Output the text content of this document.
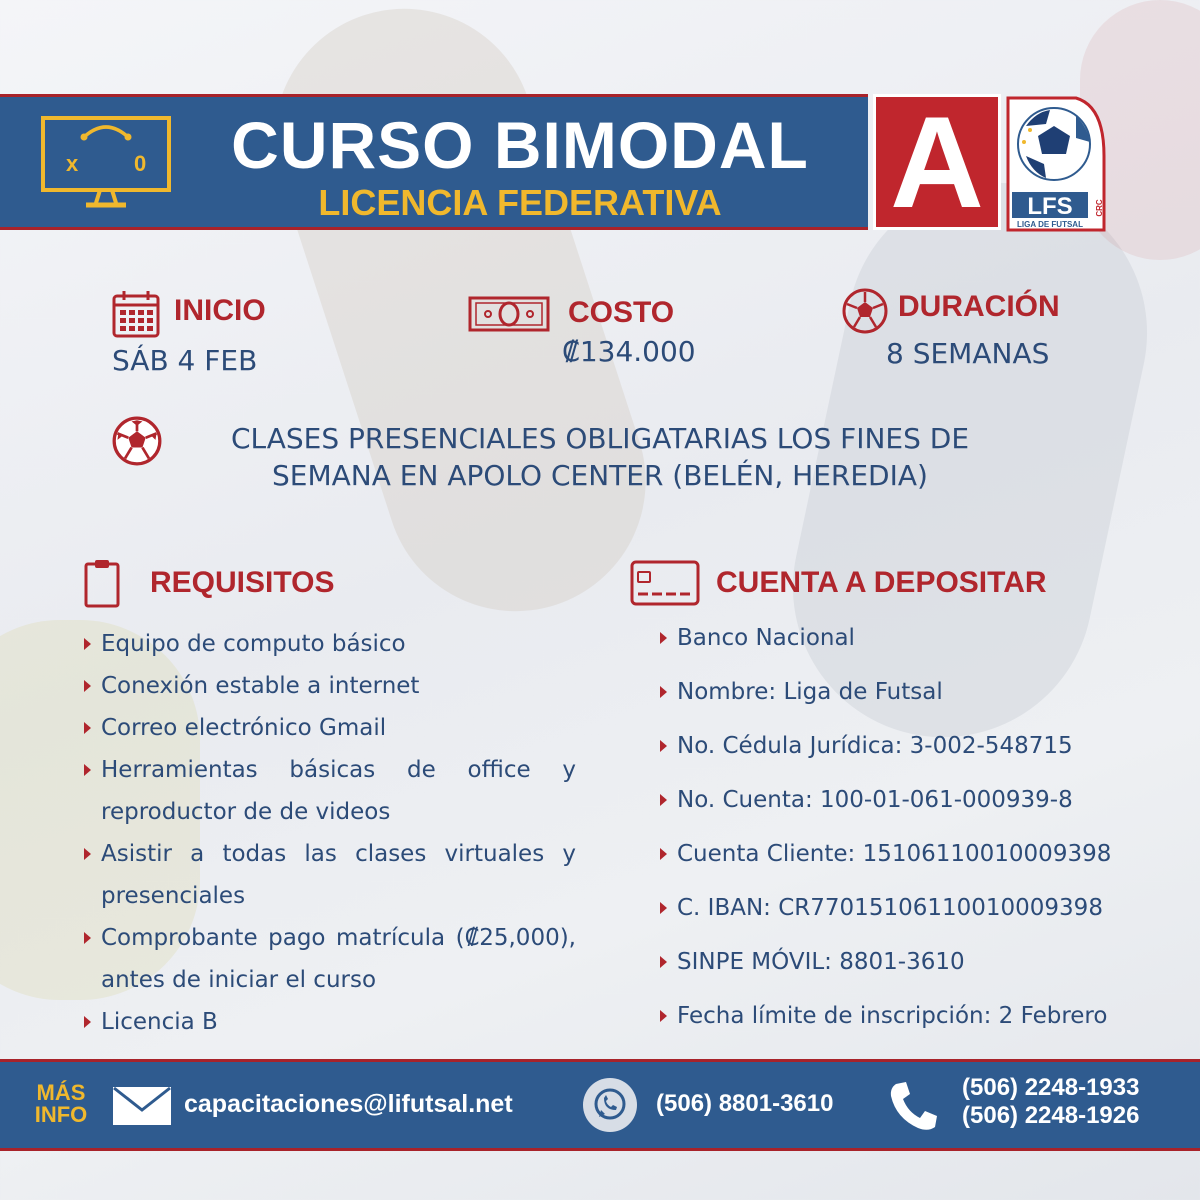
x	0	CURSO BIMODAL
LICENCIA FEDERATIVA	A	LFS	CRC
LIGA DE FUTSAL
INICIO
SÁB 4 FEB
COSTO
₡134.000
DURACIÓN
8 SEMANAS
CLASES PRESENCIALES OBLIGATARIAS LOS FINES DE
SEMANA EN APOLO CENTER (BELÉN, HEREDIA)
REQUISITOS
Equipo de computo básico
Conexión estable a internet
Correo electrónico Gmail
Herramientas básicas de office y reproductor de de videos
Asistir a todas las clases virtuales y presenciales
Comprobante pago matrícula (₡25,000), antes de iniciar el curso
Licencia B
CUENTA A DEPOSITAR
Banco Nacional
Nombre: Liga de Futsal
No. Cédula Jurídica: 3-002-548715
No. Cuenta: 100-01-061-000939-8
Cuenta Cliente: 15106110010009398
C. IBAN: CR77015106110010009398
SINPE MÓVIL: 8801-3610
Fecha límite de inscripción: 2 Febrero
MÁS
INFO	capacitaciones@lifutsal.net	(506) 8801-3610
(506) 2248-1933
(506) 2248-1926
